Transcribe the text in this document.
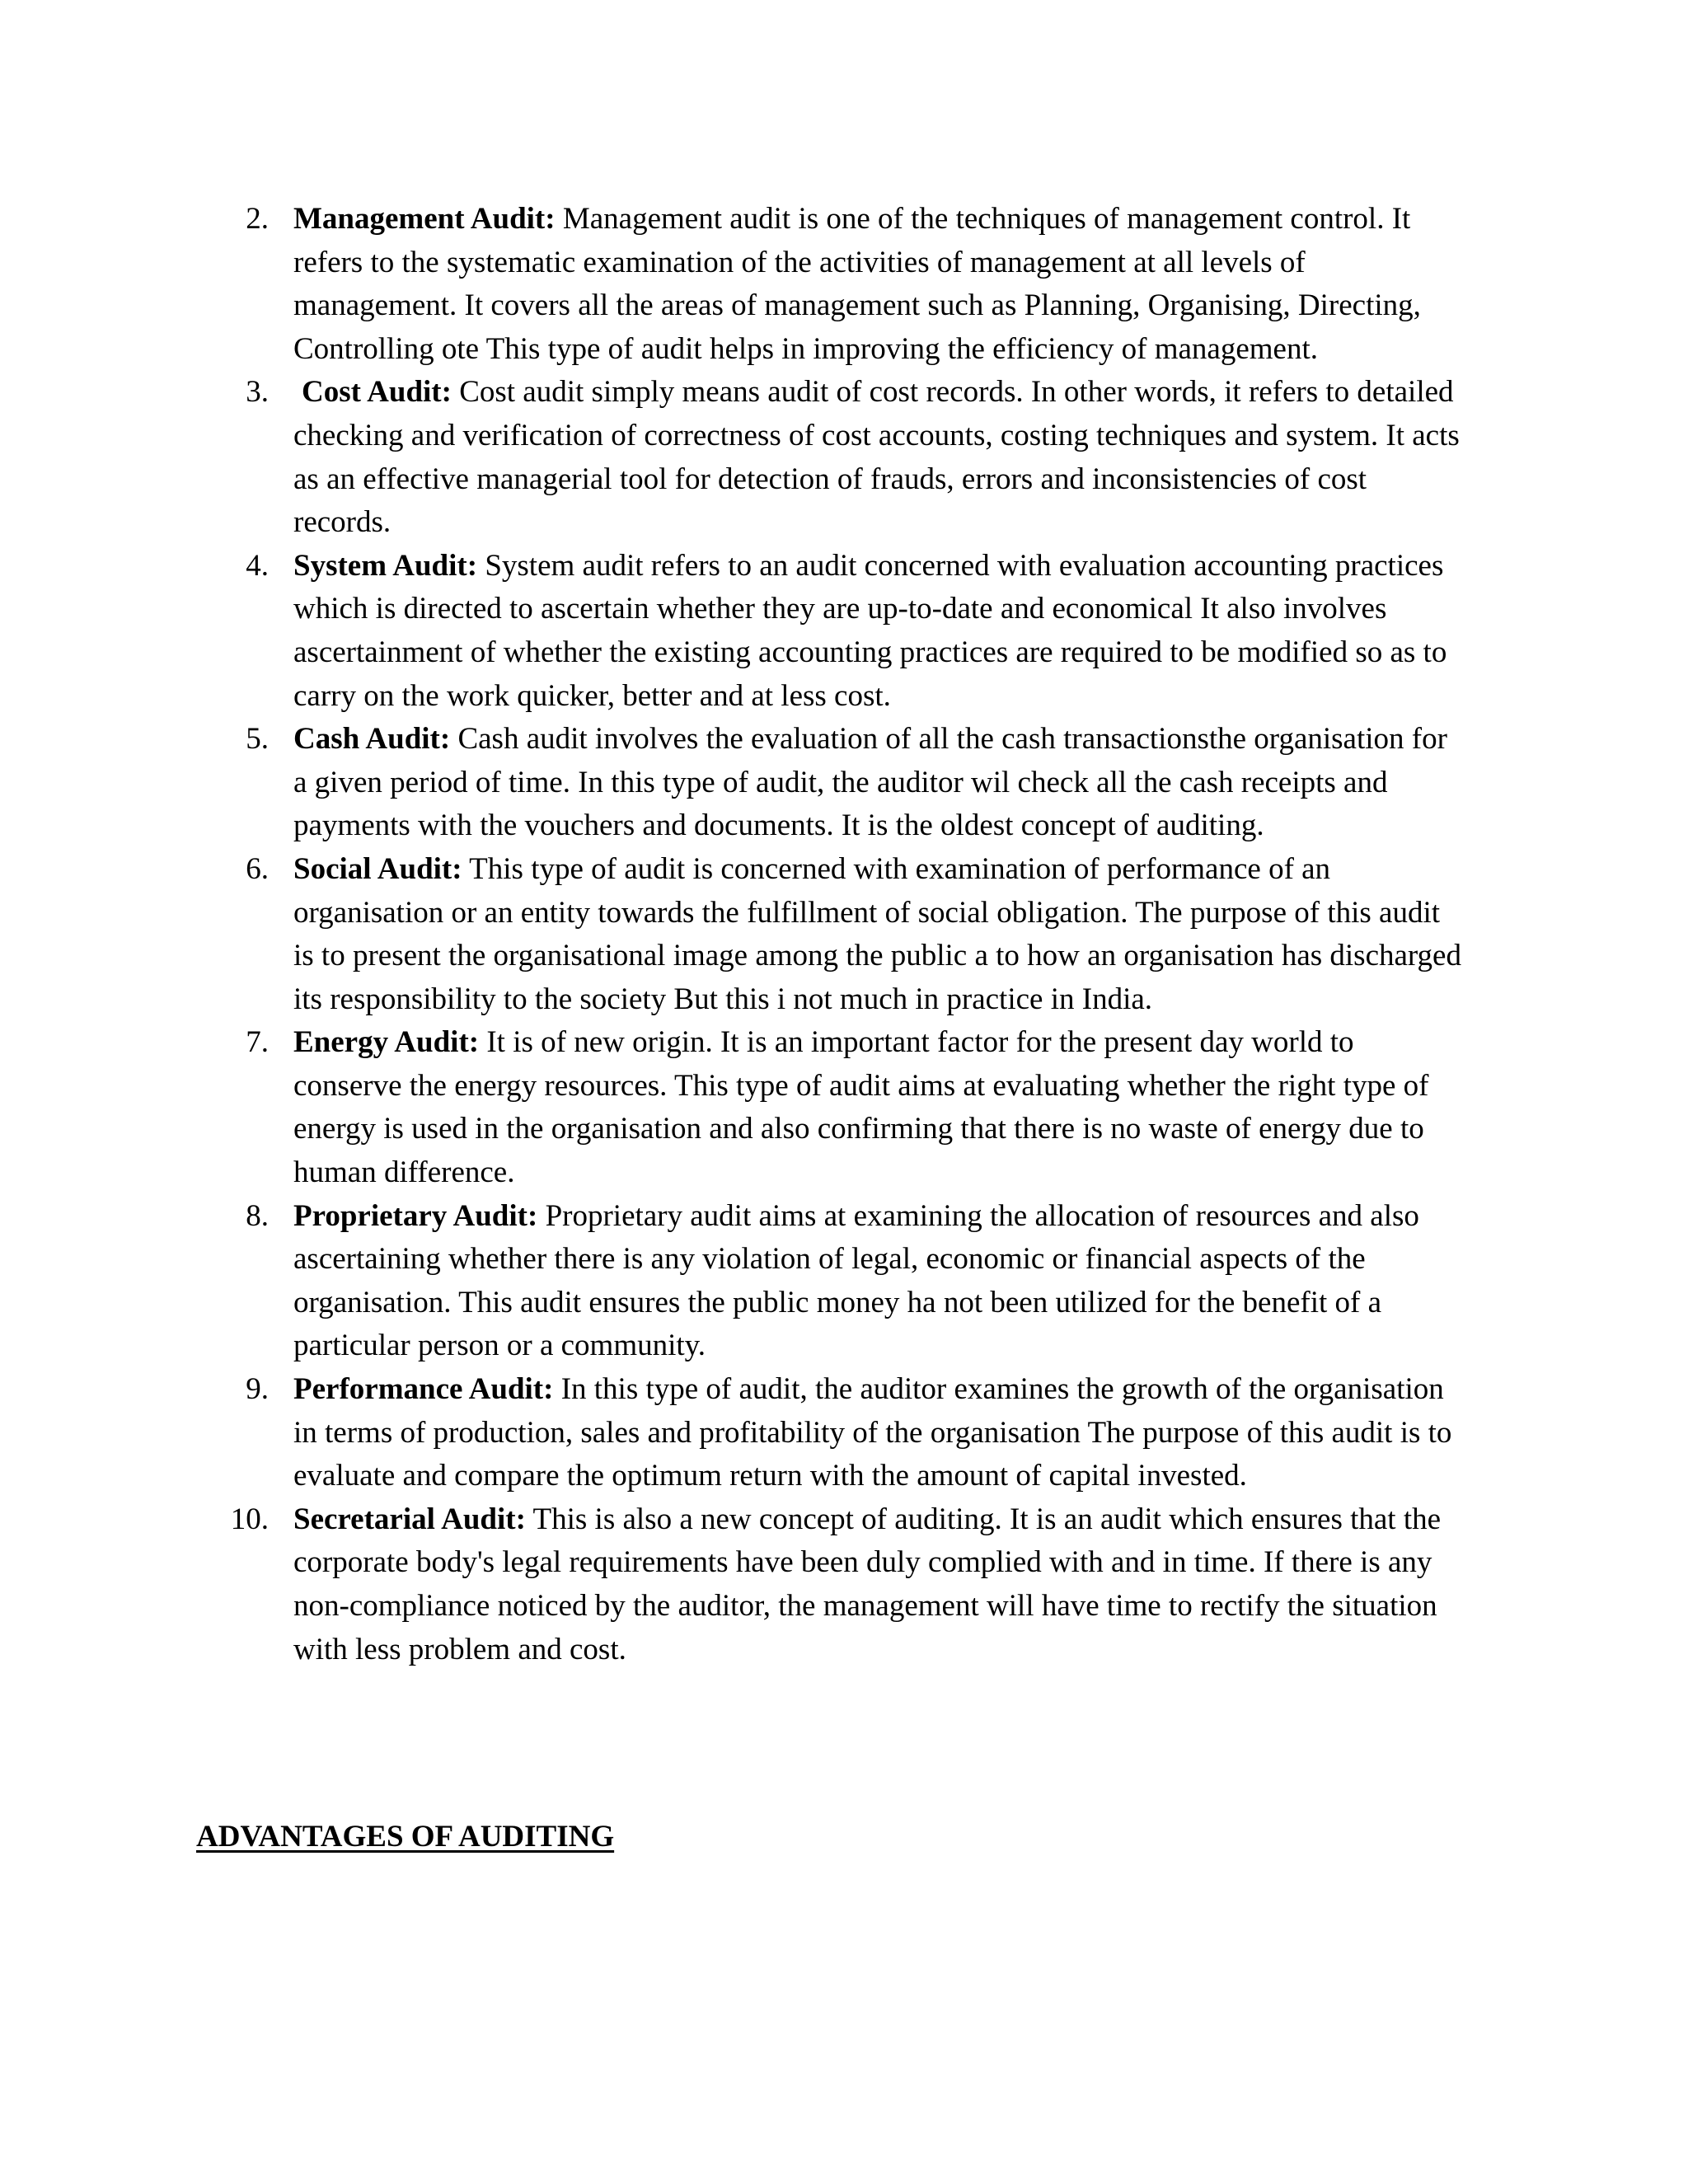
2. Management Audit: Management audit is one of the techniques of management control. It refers to the systematic examination of the activities of management at all levels of management. It covers all the areas of management such as Planning, Organising, Directing, Controlling ote This type of audit helps in improving the efficiency of management.
3. Cost Audit: Cost audit simply means audit of cost records. In other words, it refers to detailed checking and verification of correctness of cost accounts, costing techniques and system. It acts as an effective managerial tool for detection of frauds, errors and inconsistencies of cost records.
4. System Audit: System audit refers to an audit concerned with evaluation accounting practices which is directed to ascertain whether they are up-to-date and economical It also involves ascertainment of whether the existing accounting practices are required to be modified so as to carry on the work quicker, better and at less cost.
5. Cash Audit: Cash audit involves the evaluation of all the cash transactionsthe organisation for a given period of time. In this type of audit, the auditor wil check all the cash receipts and payments with the vouchers and documents. It is the oldest concept of auditing.
6. Social Audit: This type of audit is concerned with examination of performance of an organisation or an entity towards the fulfillment of social obligation. The purpose of this audit is to present the organisational image among the public a to how an organisation has discharged its responsibility to the society But this i not much in practice in India.
7. Energy Audit: It is of new origin. It is an important factor for the present day world to conserve the energy resources. This type of audit aims at evaluating whether the right type of energy is used in the organisation and also confirming that there is no waste of energy due to human difference.
8. Proprietary Audit: Proprietary audit aims at examining the allocation of resources and also ascertaining whether there is any violation of legal, economic or financial aspects of the organisation. This audit ensures the public money ha not been utilized for the benefit of a particular person or a community.
9. Performance Audit: In this type of audit, the auditor examines the growth of the organisation in terms of production, sales and profitability of the organisation The purpose of this audit is to evaluate and compare the optimum return with the amount of capital invested.
10. Secretarial Audit: This is also a new concept of auditing. It is an audit which ensures that the corporate body's legal requirements have been duly complied with and in time. If there is any non-compliance noticed by the auditor, the management will have time to rectify the situation with less problem and cost.
ADVANTAGES OF AUDITING
